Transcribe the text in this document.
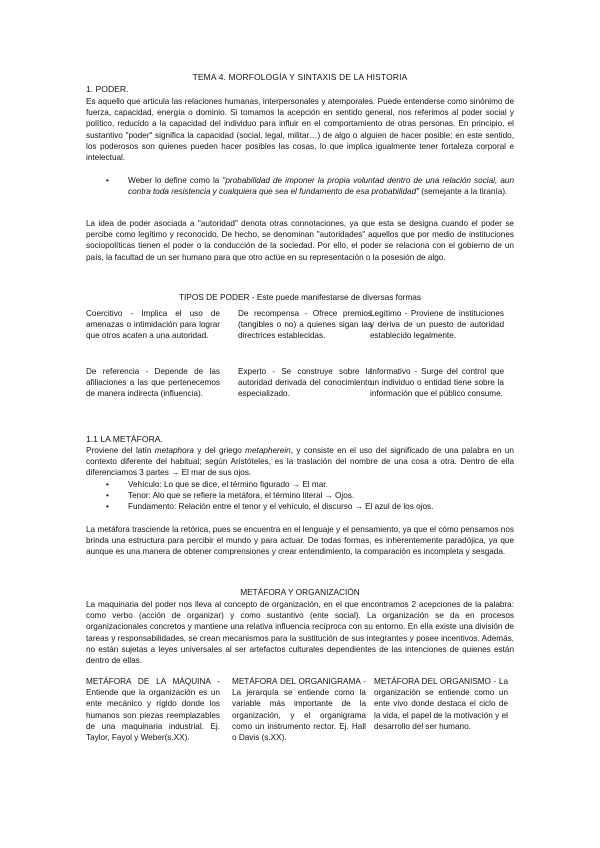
TEMA 4. MORFOLOGÍA Y SINTAXIS DE LA HISTORIA
1. PODER.
Es aquello que articula las relaciones humanas, interpersonales y atemporales. Puede entenderse como sinónimo de fuerza, capacidad, energía o dominio. Si tomamos la acepción en sentido general, nos referimos al poder social y político, reducido a la capacidad del individuo para influir en el comportamiento de otras personas. En principio, el sustantivo "poder" significa la capacidad (social, legal, militar…) de algo o alguien de hacer posible; en este sentido, los poderosos son quienes pueden hacer posibles las cosas, lo que implica igualmente tener fortaleza corporal e intelectual.
• Weber lo define como la "probabilidad de imponer la propia voluntad dentro de una relación social, aun contra toda resistencia y cualquiera que sea el fundamento de esa probabilidad" (semejante a la tiranía).
La idea de poder asociada a "autoridad" denota otras connotaciones, ya que esta se designa cuando el poder se percibe como legítimo y reconocido. De hecho, se denominan "autoridades" aquellos que por medio de instituciones sociopolíticas tienen el poder o la conducción de la sociedad. Por ello, el poder se relaciona con el gobierno de un país, la facultad de un ser humano para que otro actúe en su representación o la posesión de algo.
TIPOS DE PODER - Este puede manifestarse de diversas formas
Coercitivo - Implica el uso de amenazas o intimidación para lograr que otros acaten a una autoridad.
De recompensa - Ofrece premios (tangibles o no) a quienes sigan las directrices establecidas.
Legítimo - Proviene de instituciones y deriva de un puesto de autoridad establecido legalmente.
De referencia - Depende de las afiliaciones a las que pertenecemos de manera indirecta (influencia).
Experto - Se construye sobre la autoridad derivada del conocimiento especializado.
Informativo - Surge del control que un individuo o entidad tiene sobre la información que el público consume.
1.1 LA METÁFORA.
Proviene del latín metaphora y del griego metapherein, y consiste en el uso del significado de una palabra en un contexto diferente del habitual; según Aristóteles, es la traslación del nombre de una cosa a otra. Dentro de ella diferenciamos 3 partes → El mar de sus ojos.
• Vehículo: Lo que se dice, el término figurado → El mar.
• Tenor: Alo que se refiere la metáfora, el término literal → Ojos.
• Fundamento: Relación entre el tenor y el vehículo, el discurso → El azul de los ojos.
La metáfora trasciende la retórica, pues se encuentra en el lenguaje y el pensamiento, ya que el cómo pensamos nos brinda una estructura para percibir el mundo y para actuar. De todas formas, es inherentemente paradójica, ya que aunque es una manera de obtener comprensiones y crear entendimiento, la comparación es incompleta y sesgada.
METÁFORA Y ORGANIZACIÓN
La maquinaria del poder nos lleva al concepto de organización, en el que encontramos 2 acepciones de la palabra: como verbo (acción de organizar) y como sustantivo (ente social). La organización se da en procesos organizacionales concretos y mantiene una relativa influencia recíproca con su entorno. En ella existe una división de tareas y responsabilidades, se crean mecanismos para la sustitución de sus integrantes y posee incentivos. Además, no están sujetas a leyes universales al ser artefactos culturales dependientes de las intenciones de quienes están dentro de ellas.
METÁFORA DE LA MÁQUINA - Entiende que la organización es un ente mecánico y rígido donde los humanos son piezas reemplazables de una maquinaria industrial. Ej. Taylor, Fayol y Weber(s.XX).
METÁFORA DEL ORGANIGRAMA - La jerarquía se entiende como la variable más importante de la organización, y el organigrama como un instrumento rector. Ej. Hall o Davis (s.XX).
METÁFORA DEL ORGANISMO - La organización se entiende como un ente vivo donde destaca el ciclo de la vida, el papel de la motivación y el desarrollo del ser humano.
